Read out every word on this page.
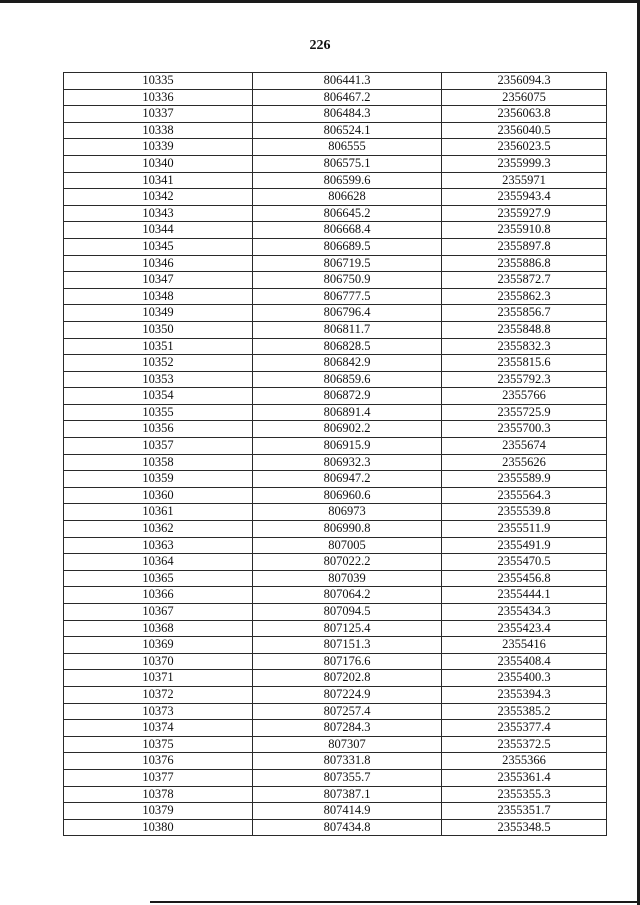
226
10335	806441.3	2356094.3
10336	806467.2	2356075
10337	806484.3	2356063.8
10338	806524.1	2356040.5
10339	806555	2356023.5
10340	806575.1	2355999.3
10341	806599.6	2355971
10342	806628	2355943.4
10343	806645.2	2355927.9
10344	806668.4	2355910.8
10345	806689.5	2355897.8
10346	806719.5	2355886.8
10347	806750.9	2355872.7
10348	806777.5	2355862.3
10349	806796.4	2355856.7
10350	806811.7	2355848.8
10351	806828.5	2355832.3
10352	806842.9	2355815.6
10353	806859.6	2355792.3
10354	806872.9	2355766
10355	806891.4	2355725.9
10356	806902.2	2355700.3
10357	806915.9	2355674
10358	806932.3	2355626
10359	806947.2	2355589.9
10360	806960.6	2355564.3
10361	806973	2355539.8
10362	806990.8	2355511.9
10363	807005	2355491.9
10364	807022.2	2355470.5
10365	807039	2355456.8
10366	807064.2	2355444.1
10367	807094.5	2355434.3
10368	807125.4	2355423.4
10369	807151.3	2355416
10370	807176.6	2355408.4
10371	807202.8	2355400.3
10372	807224.9	2355394.3
10373	807257.4	2355385.2
10374	807284.3	2355377.4
10375	807307	2355372.5
10376	807331.8	2355366
10377	807355.7	2355361.4
10378	807387.1	2355355.3
10379	807414.9	2355351.7
10380	807434.8	2355348.5
